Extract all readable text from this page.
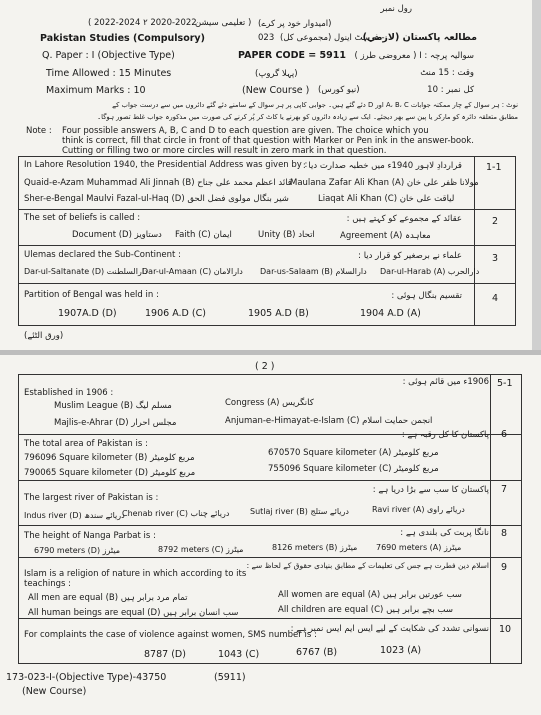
رول نمبر
( 2022-2024 ٢ 2020-2022
( تعلیمی سیشن (امیدوار خود پر کرے)
Pakistan Studies (Compulsory)	023 - فرسٹ اینول (مجموعی کل)
مطالعہ پاکستان (لازمی)
Q. Paper : I (Objective Type)	PAPER CODE = 5911 سوالیہ پرچہ : I ( معروضی طرز )
Time Allowed : 15 Minutes	(پہلا گروپ)	وقت : 15 منٹ
Maximum Marks : 10	(New Course ) (نیو کورس)	کل نمبر : 10
نوٹ : ہر سوال کے چار ممکنہ جوابات A، B، C اور D دئے گئے ہیں۔ جوابی کاپی پر ہر سوال کے سامنے دئے گئے دائروں میں سے درست جواب کے
مطابق متعلقہ دائرہ کو مارکر یا پین سے بھر دیجئے۔ ایک سے زیادہ دائروں کو بھرنے یا کاٹ کر پُر کرنے کی صورت میں مذکورہ جواب غلط تصور ہوگا۔
Note : Four possible answers A, B, C and D to each question are given. The choice which you
think is correct, fill that circle in front of that question with Marker or Pen ink in the answer-book.
Cutting or filling two or more circles will result in zero mark in that question.
1-1
In Lahore Resolution 1940, the Presidential Address was given by :
قراردادِ لاہور 1940ء میں خطبہ صدارت دیا :
Maulana Zafar Ali Khan (A) مولانا ظفر علی خان
Quaid-e-Azam Muhammad Ali Jinnah (B) قائد اعظم محمد علی جناح
Liaqat Ali Khan (C) لیاقت علی خان
Sher-e-Bengal Maulvi Fazal-ul-Haq (D) شیر بنگال مولوی فضل الحق
2
The set of beliefs is called :	عقائد کے مجموعے کو کہتے ہیں :
Agreement (A) معاہدہ
Unity (B) اتحاد
Faith (C) ایمان
Document (D) دستاویز
3
Ulemas declared the Sub-Continent :	علماء نے برصغیر کو قرار دیا :
Dar-ul-Harab (A) دارالحرب
Dar-us-Salaam (B) دارالسلام
Dar-ul-Amaan (C) دارالامان
Dar-ul-Saltanate (D) دارالسلطنت
4
Partition of Bengal was held in :	تقسیم بنگال ہوئی :
1904 A.D (A)
1905 A.D (B)
1906 A.D (C)
1907A.D (D)
(ورق الٹئے)
( 2 )
5-1
Established in 1906 :
1906ء میں قائم ہوئی :
Congress (A) کانگریس
Muslim League (B) مسلم لیگ
Anjuman-e-Himayat-e-Islam (C) انجمن حمایت اسلام
Majlis-e-Ahrar (D) مجلس احرار
6
The total area of Pakistan is :
پاکستان کا کل رقبہ ہے :
670570 Square kilometer (A) مربع کلومیٹر
796096 Square kilometer (B) مربع کلومیٹر
755096 Square kilometer (C) مربع کلومیٹر
790065 Square kilometer (D) مربع کلومیٹر
7
The largest river of Pakistan is :
پاکستان کا سب سے بڑا دریا ہے :
Ravi river (A) دریائے راوی
Sutlaj river (B) دریائے ستلج
Chenab river (C) دریائے چناب
Indus river (D) دریائے سندھ
8
The height of Nanga Parbat is :	نانگا پربت کی بلندی ہے :
7690 meters (A) میٹرز
8126 meters (B) میٹرز
8792 meters (C) میٹرز
6790 meters (D) میٹرز
9
Islam is a religion of nature in which according to its
teachings :
اسلام دین فطرت ہے جس کی تعلیمات کے مطابق بنیادی حقوق کے لحاظ سے :
All women are equal (A) سب عورتیں برابر ہیں
All men are equal (B) تمام مرد برابر ہیں
All children are equal (C) سب بچے برابر ہیں
All human beings are equal (D) سب انسان برابر ہیں
10
For complaints the case of violence against women, SMS number is :
نسوانی تشدد کی شکایت کے لیے ایس ایم ایس نمبر ہے :
1023 (A)
6767 (B)
1043 (C)
8787 (D)
173-023-I-(Objective Type)-43750	(5911)
(New Course)
